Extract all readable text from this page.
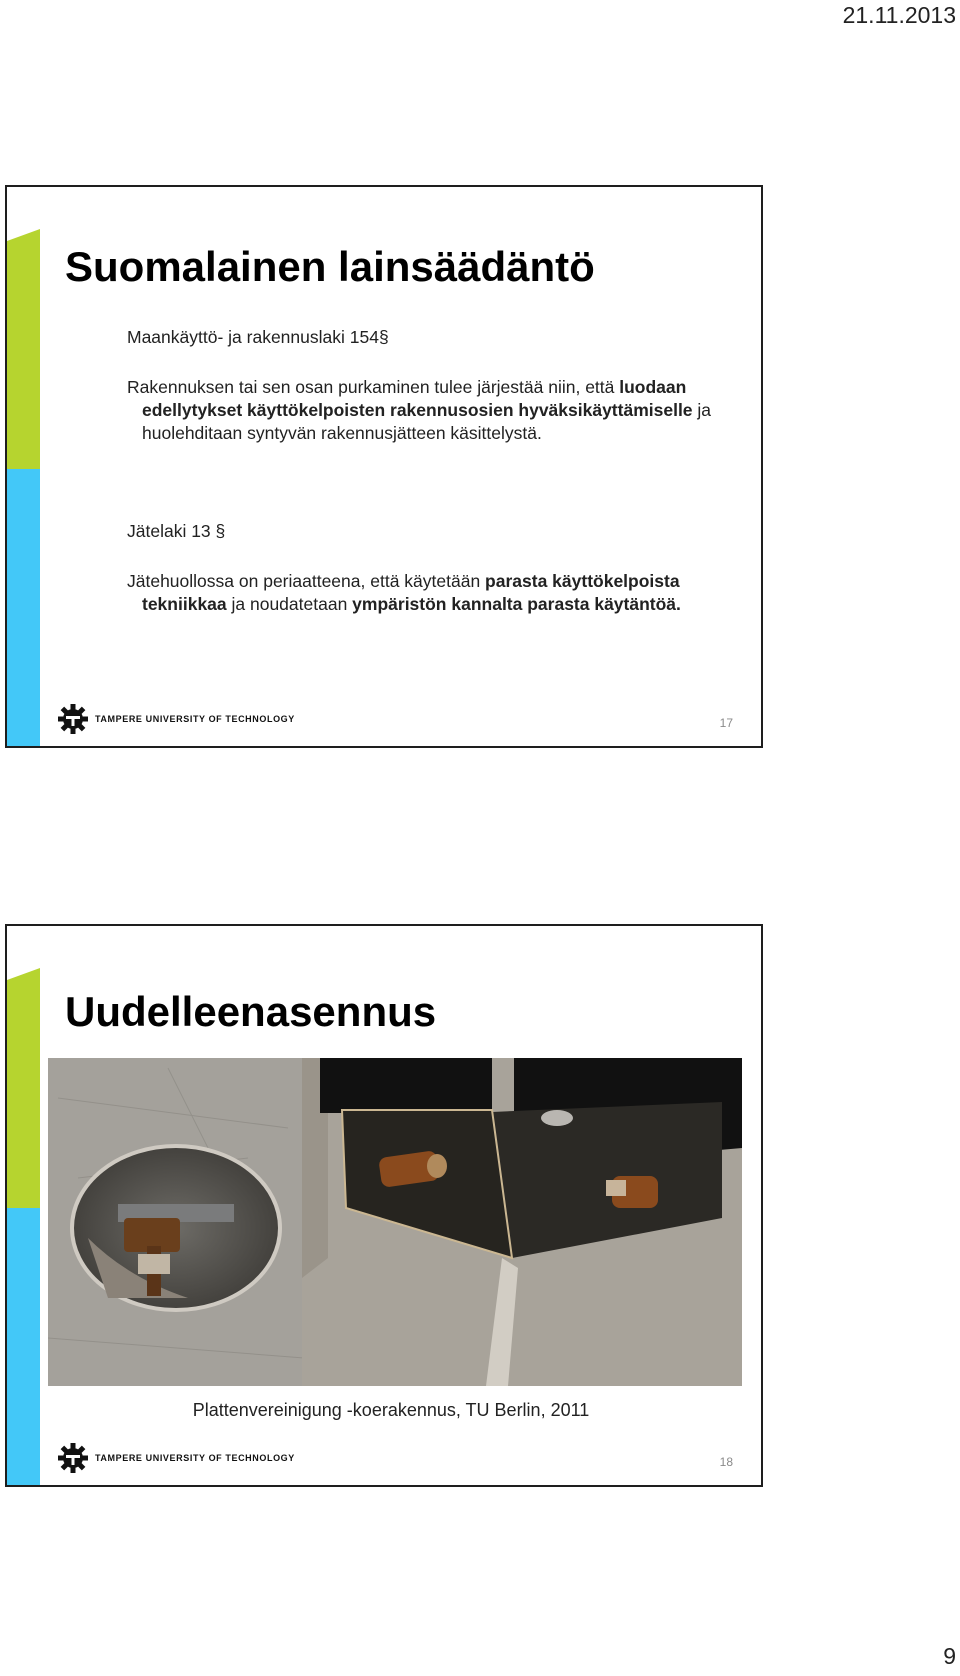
21.11.2013
Suomalainen lainsäädäntö

Maankäyttö- ja rakennuslaki 154§

Rakennuksen tai sen osan purkaminen tulee järjestää niin, että luodaan edellytykset käyttökelpoisten rakennusosien hyväksikäyttämiselle ja huolehditaan syntyvän rakennusjätteen käsittelystä.

Jätelaki 13 §

Jätehuollossa on periaatteena, että käytetään parasta käyttökelpoista tekniikkaa ja noudatetaan ympäristön kannalta parasta käytäntöä.
TAMPERE UNIVERSITY OF TECHNOLOGY	17
Uudelleenasennus
Plattenvereinigung -koerakennus, TU Berlin, 2011
TAMPERE UNIVERSITY OF TECHNOLOGY	18
9
